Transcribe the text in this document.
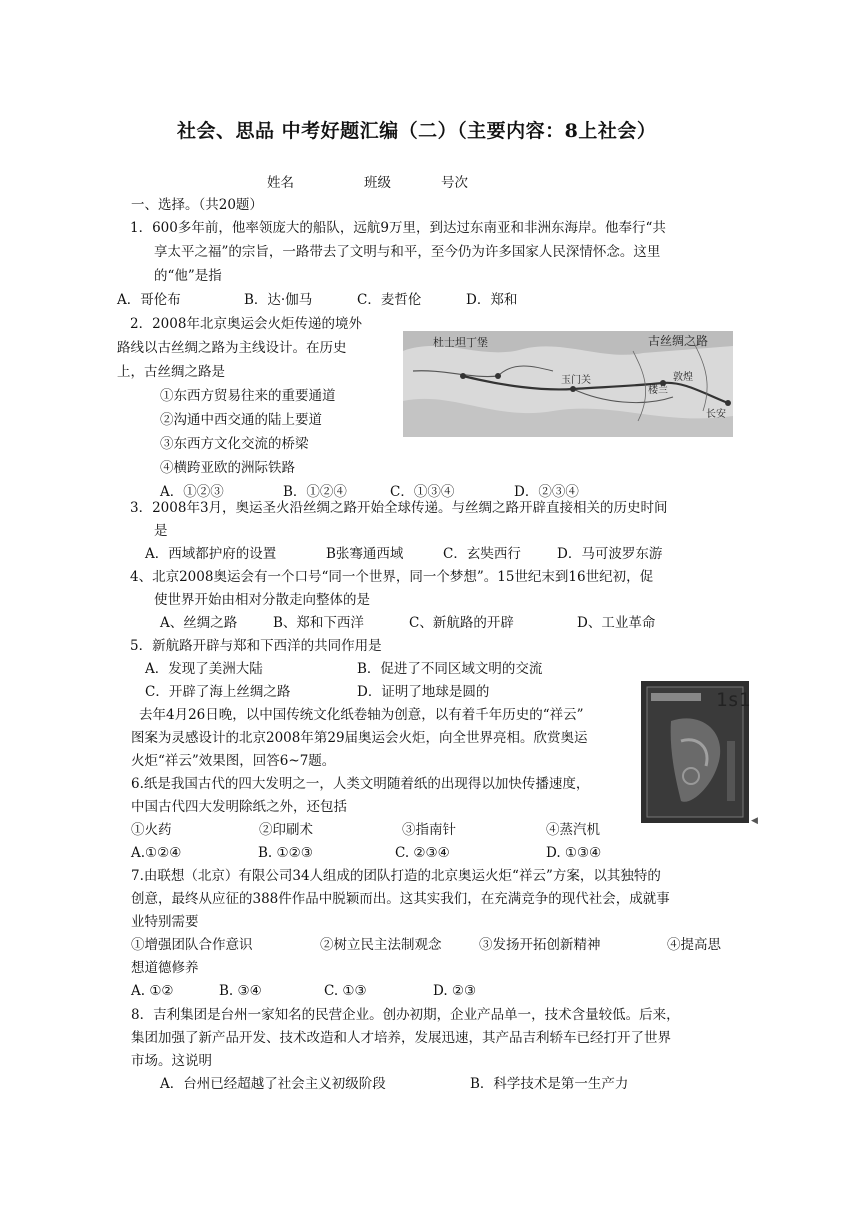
社会、思品 中考好题汇编（二）（主要内容：8上社会）
姓名	班级	号次
一、选择。（共20题）
1．600多年前，他率领庞大的船队，远航9万里，到达过东南亚和非洲东海岸。他奉行“共
享太平之福”的宗旨，一路带去了文明与和平，至今仍为许多国家人民深情怀念。这里
的“他”是指
A．哥伦布	B．达·伽马	C．麦哲伦	D．郑和
2．2008年北京奥运会火炬传递的境外
路线以古丝绸之路为主线设计。在历史
上，古丝绸之路是
①东西方贸易往来的重要通道
②沟通中西交通的陆上要道
③东西方文化交流的桥梁
④横跨亚欧的洲际铁路
A．①②③	B．①②④	C．①③④	D．②③④
杜士坦丁堡	古丝绸之路
敦煌
楼兰
玉门关
长安
3．2008年3月，奥运圣火沿丝绸之路开始全球传递。与丝绸之路开辟直接相关的历史时间
是
A．西域都护府的设置	B张骞通西域	C．玄奘西行	D．马可波罗东游
4、北京2008奥运会有一个口号“同一个世界，同一个梦想”。15世纪末到16世纪初，促
使世界开始由相对分散走向整体的是
A、丝绸之路	B、郑和下西洋	C、新航路的开辟	D、工业革命
5．新航路开辟与郑和下西洋的共同作用是
A．发现了美洲大陆	B．促进了不同区域文明的交流
C．开辟了海上丝绸之路	D．证明了地球是圆的	1s1
◀
去年4月26日晚，以中国传统文化纸卷轴为创意，以有着千年历史的“祥云”
图案为灵感设计的北京2008年第29届奥运会火炬，向全世界亮相。欣赏奥运
火炬“祥云”效果图，回答6~7题。
6.纸是我国古代的四大发明之一，人类文明随着纸的出现得以加快传播速度，
中国古代四大发明除纸之外，还包括
①火药	②印刷术	③指南针	④蒸汽机
A.①②④	B. ①②③	C. ②③④	D. ①③④
7.由联想（北京）有限公司34人组成的团队打造的北京奥运火炬“祥云”方案，以其独特的
创意，最终从应征的388件作品中脱颖而出。这其实我们，在充满竞争的现代社会，成就事
业特别需要
①增强团队合作意识	②树立民主法制观念	③发扬开拓创新精神	④提高思
想道德修养
A. ①②	B. ③④	C. ①③	D. ②③
8．吉利集团是台州一家知名的民营企业。创办初期，企业产品单一，技术含量较低。后来，
集团加强了新产品开发、技术改造和人才培养，发展迅速，其产品吉利轿车已经打开了世界
市场。这说明
A．台州已经超越了社会主义初级阶段	B．科学技术是第一生产力
